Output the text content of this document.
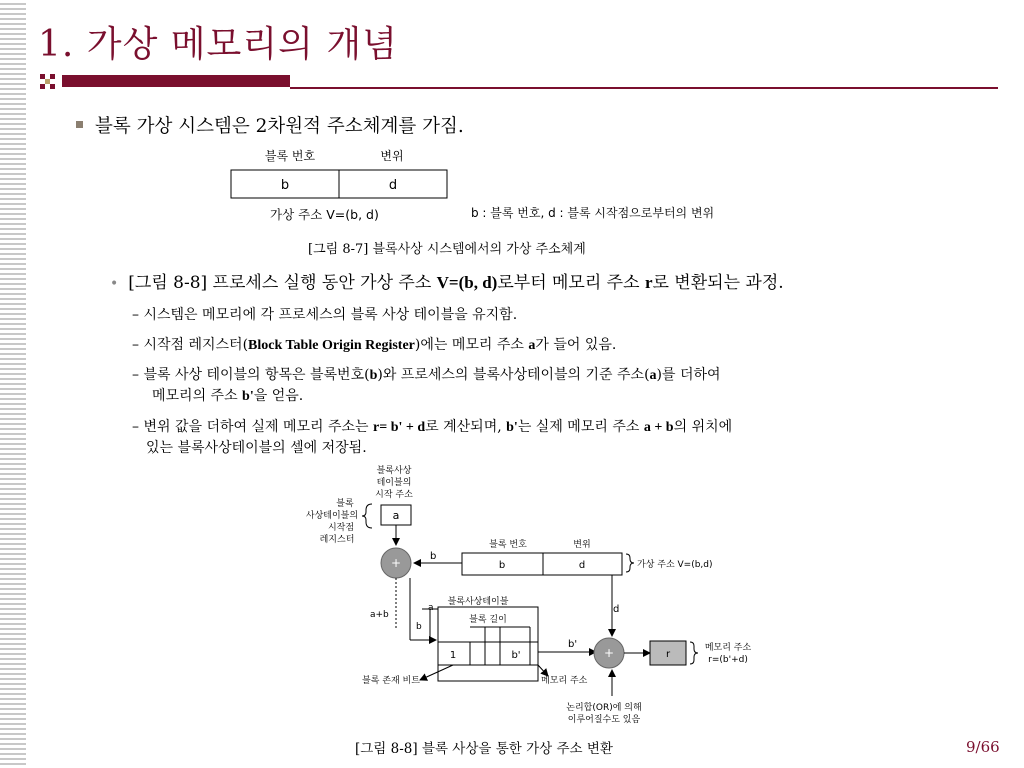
1. 가상 메모리의 개념
블록 가상 시스템은 2차원적 주소체계를 가짐.
블록 번호	변위
b	d
가상 주소 V=(b, d)	b : 블록 번호, d : 블록 시작점으로부터의 변위
[그림 8-7] 블록사상 시스템에서의 가상 주소체계
• [그림 8-8] 프로세스 실행 동안 가상 주소 V=(b, d)로부터 메모리 주소 r로 변환되는 과정.
– 시스템은 메모리에 각 프로세스의 블록 사상 테이블을 유지함.
– 시작점 레지스터(Block Table Origin Register)에는 메모리 주소 a가 들어 있음.
– 블록 사상 테이블의 항목은 블록번호(b)와 프로세스의 블록사상테이블의 기준 주소(a)를 더하여
메모리의 주소 b'을 얻음.
– 변위 값을 더하여 실제 메모리 주소는 r= b' + d로 계산되며, b'는 실제 메모리 주소 a + b의 위치에
있는 블록사상테이블의 셀에 저장됨.
블록사상
테이블의
시작 주소
블록
사상테이블의
시작점
레지스터
a
+	b
블록 번호	변위
b	d	가상 주소 V=(b,d)
a+b
a
b
블록사상테이블
블록 길이
1	b'
d
b'
+	r
메모리 주소
r=(b'+d)
블록 존재 비트	메모리 주소
논리합(OR)에 의해
이루어질수도 있음
[그림 8-8] 블록 사상을 통한 가상 주소 변환	9/66
